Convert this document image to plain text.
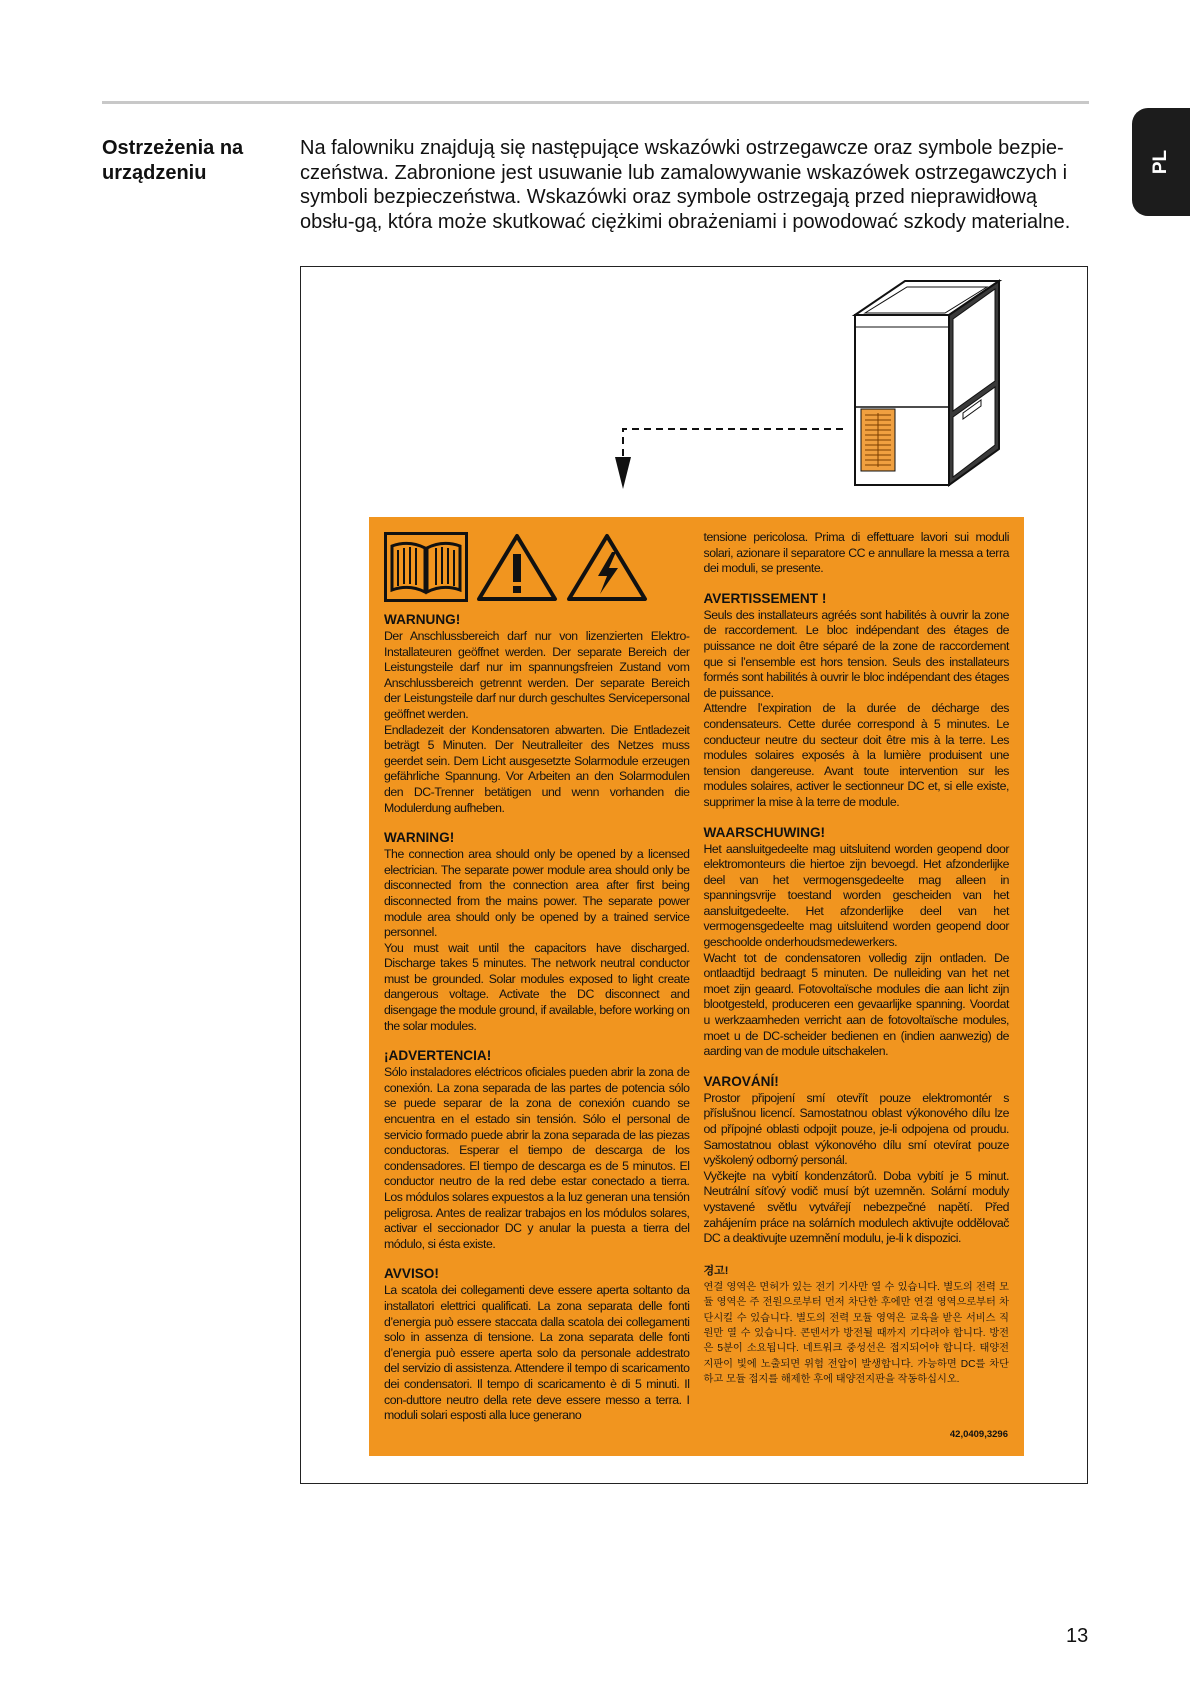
PL
Ostrzeżenia na urządzeniu
Na falowniku znajdują się następujące wskazówki ostrzegawcze oraz symbole bezpie-czeństwa. Zabronione jest usuwanie lub zamalowywanie wskazówek ostrzegawczych i symboli bezpieczeństwa. Wskazówki oraz symbole ostrzegają przed nieprawidłową obsłu-gą, która może skutkować ciężkimi obrażeniami i powodować szkody materialne.
WARNUNG!

Der Anschlussbereich darf nur von lizenzierten Elektro-Installateuren geöffnet werden. Der separate Bereich der Leistungsteile darf nur im spannungsfreien Zustand vom Anschlussbereich getrennt werden. Der separate Bereich der Leistungsteile darf nur durch geschultes Servicepersonal geöffnet werden.
Endladezeit der Kondensatoren abwarten. Die Entladezeit beträgt 5 Minuten. Der Neutralleiter des Netzes muss geerdet sein. Dem Licht ausgesetzte Solarmodule erzeugen gefährliche Spannung. Vor Arbeiten an den Solarmodulen den DC-Trenner betätigen und wenn vorhanden die Modulerdung aufheben.

WARNING!

The connection area should only be opened by a licensed electrician. The separate power module area should only be disconnected from the connection area after first being disconnected from the mains power. The separate power module area should only be opened by a trained service personnel.
You must wait until the capacitors have discharged. Discharge takes 5 minutes. The network neutral conductor must be grounded. Solar modules exposed to light create dangerous voltage. Activate the DC disconnect and disengage the module ground, if available, before working on the solar modules.

¡ADVERTENCIA!

Sólo instaladores eléctricos oficiales pueden abrir la zona de conexión. La zona separada de las partes de potencia sólo se puede separar de la zona de conexión cuando se encuentra en el estado sin tensión. Sólo el personal de servicio formado puede abrir la zona separada de las piezas conductoras. Esperar el tiempo de descarga de los condensadores. El tiempo de descarga es de 5 minutos. El conductor neutro de la red debe estar conectado a tierra. Los módulos solares expuestos a la luz generan una tensión peligrosa. Antes de realizar trabajos en los módulos solares, activar el seccionador DC y anular la puesta a tierra del módulo, si ésta existe.

AVVISO!

La scatola dei collegamenti deve essere aperta soltanto da installatori elettrici qualificati. La zona separata delle fonti d’energia può essere staccata dalla scatola dei collegamenti solo in assenza di tensione. La zona separata delle fonti d’energia può essere aperta solo da personale addestrato del servizio di assistenza. Attendere il tempo di scaricamento dei condensatori. Il tempo di scaricamento è di 5 minuti. Il con-duttore neutro della rete deve essere messo a terra. I moduli solari esposti alla luce generano

tensione pericolosa. Prima di effettuare lavori sui moduli solari, azionare il separatore CC e annullare la messa a terra dei moduli, se presente.

AVERTISSEMENT !

Seuls des installateurs agréés sont habilités à ouvrir la zone de raccordement. Le bloc indépendant des étages de puissance ne doit être séparé de la zone de raccordement que si l’ensemble est hors tension. Seuls des installateurs formés sont habilités à ouvrir le bloc indépendant des étages de puissance.
Attendre l’expiration de la durée de décharge des condensateurs. Cette durée correspond à 5 minutes. Le conducteur neutre du secteur doit être mis à la terre. Les modules solaires exposés à la lumière produisent une tension dangereuse. Avant toute intervention sur les modules solaires, activer le sectionneur DC et, si elle existe, supprimer la mise à la terre de module.

WAARSCHUWING!

Het aansluitgedeelte mag uitsluitend worden geopend door elektromonteurs die hiertoe zijn bevoegd. Het afzonderlijke deel van het vermogensgedeelte mag alleen in spanningsvrije toestand worden gescheiden van het aansluitgedeelte. Het afzonderlijke deel van het vermogensgedeelte mag uitsluitend worden geopend door geschoolde onderhoudsmedewerkers.
Wacht tot de condensatoren volledig zijn ontladen. De ontlaadtijd bedraagt 5 minuten. De nulleiding van het net moet zijn geaard. Fotovoltaïsche modules die aan licht zijn blootgesteld, produceren een gevaarlijke spanning. Voordat u werkzaamheden verricht aan de fotovoltaïsche modules, moet u de DC-scheider bedienen en (indien aanwezig) de aarding van de module uitschakelen.

VAROVÁNÍ!

Prostor připojení smí otevřít pouze elektromontér s příslušnou licencí. Samostatnou oblast výkonového dílu lze od přípojné oblasti odpojit pouze, je-li odpojena od proudu. Samostatnou oblast výkonového dílu smí otevírat pouze vyškolený odborný personál.
Vyčkejte na vybití kondenzátorů. Doba vybití je 5 minut. Neutrální síťový vodič musí být uzemněn. Solární moduly vystavené světlu vytvářejí nebezpečné napětí. Před zahájením práce na solárních modulech aktivujte oddělovač DC a deaktivujte uzemnění modulu, je-li k dispozici.

경고!

연결 영역은 면허가 있는 전기 기사만 열 수 있습니다. 별도의 전력 모듈 영역은 주 전원으로부터 먼저 차단한 후에만 연결 영역으로부터 차단시킬 수 있습니다. 별도의 전력 모듈 영역은 교육을 받은 서비스 직원만 열 수 있습니다. 콘덴서가 방전될 때까지 기다려야 합니다. 방전은 5분이 소요됩니다. 네트워크 중성선은 접지되어야 합니다. 태양전지판이 빛에 노출되면 위험 전압이 발생합니다. 가능하면 DC를 차단하고 모듈 접지를 해제한 후에 태양전지판을 작동하십시오.

42,0409,3296
13
